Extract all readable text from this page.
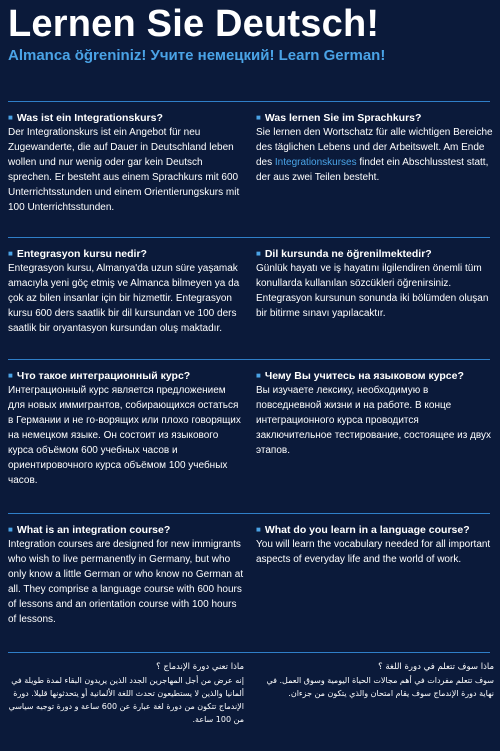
Lernen Sie Deutsch!
Almanca öğreniniz! Учите немецкий! Learn German!
■ Was ist ein Integrationskurs?
Der Integrationskurs ist ein Angebot für neu Zugewanderte, die auf Dauer in Deutschland leben wollen und nur wenig oder gar kein Deutsch sprechen. Er besteht aus einem Sprachkurs mit 600 Unterrichtsstunden und einem Orientierungskurs mit 100 Unterrichtsstunden.
■ Was lernen Sie im Sprachkurs?
Sie lernen den Wortschatz für alle wichtigen Bereiche des täglichen Lebens und der Arbeitswelt. Am Ende des Integrationskurses findet ein Abschlusstest statt, der aus zwei Teilen besteht.
■ Entegrasyon kursu nedir?
Entegrasyon kursu, Almanya'da uzun süre yaşamak amacıyla yeni göç etmiş ve Almanca bilmeyen ya da çok az bilen insanlar için bir hizmettir. Entegrasyon kursu 600 ders saatlik bir dil kursundan ve 100 ders saatlik bir oryantasyon kursundan oluş maktadır.
■ Dil kursunda ne öğrenilmektedir?
Günlük hayatı ve iş hayatını ilgilendiren önemli tüm konullarda kullanılan sözcükleri öğrenirsiniz. Entegrasyon kursunun sonunda iki bölümden oluşan bir bitirme sınavı yapılacaktır.
■ Что такое интеграционный курс?
Интеграционный курс является предложением для новых иммигрантов, собирающихся остаться в Германии и не го-ворящих или плохо говорящих на немецком языке. Он состоит из языкового курса объёмом 600 учебных часов и ориентировочного курса объёмом 100 учебных часов.
■ Чему Вы учитесь на языковом курсе?
Вы изучаете лексику, необходимую в повседневной жизни и на работе. В конце интеграционного курса проводится заключительное тестирование, состоящее из двух этапов.
■ What is an integration course?
Integration courses are designed for new immigrants who wish to live permanently in Germany, but who only know a little German or who know no German at all. They comprise a language course with 600 hours of lessons and an orientation course with 100 hours of lessons.
■ What do you learn in a language course?
You will learn the vocabulary needed for all important aspects of everyday life and the world of work.
ماذا تعني دورة الإندماج ؟
إنه عرض من أجل المهاجرين الجدد الذين يريدون البقاء لمدة طويلة في ألمانيا والذين لا يستطيعون تحدث اللغة الألمانية أو يتحدثونها قليلا. دورة الإندماج تتكون من دورة لغة عبارة عن 600 ساعة و دورة توجيه سياسي من 100 ساعة.
ماذا سوف تتعلم في دورة اللغة ؟
سوف تتعلم مفردات في أهم مجالات الحياة اليومية وسوق العمل. في نهاية دورة الإندماج سوف يقام امتحان والذي يتكون من جزءان.
